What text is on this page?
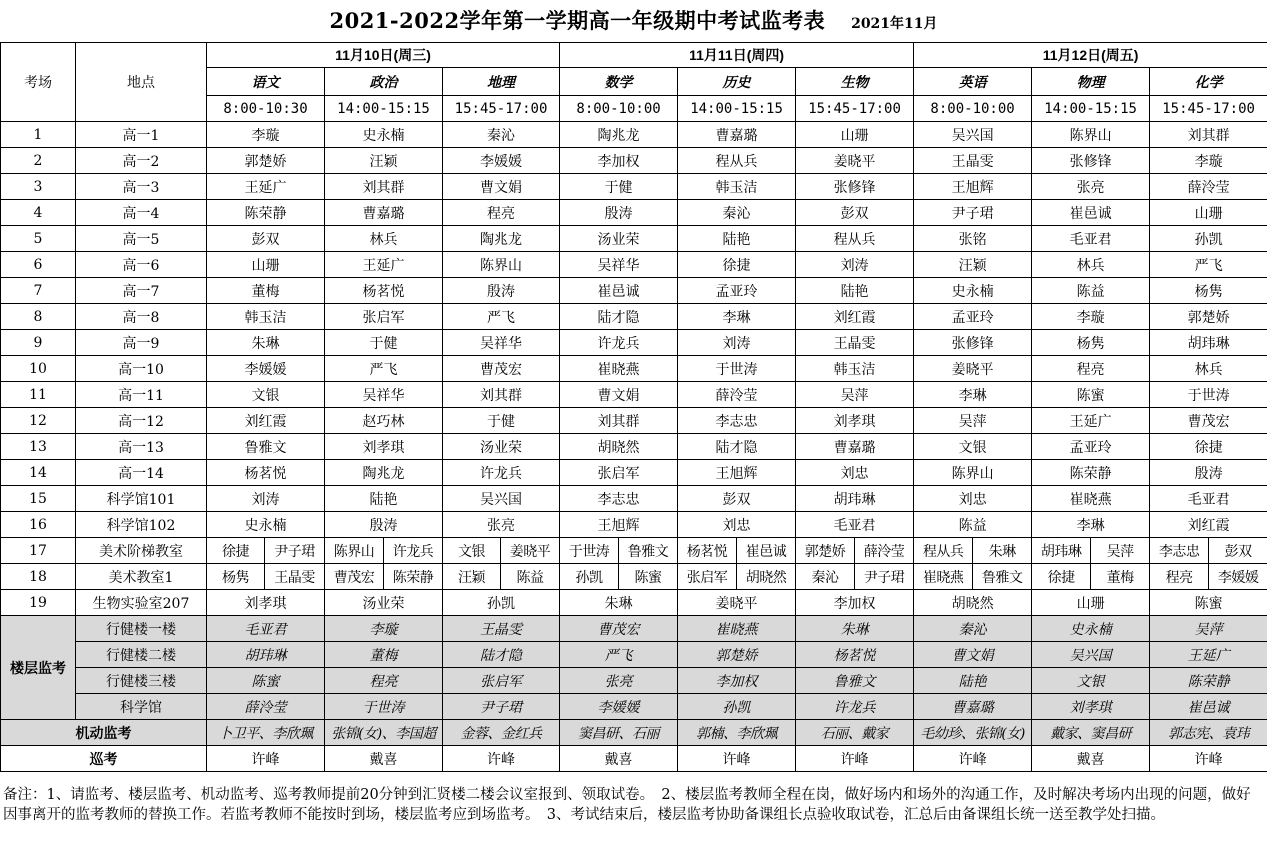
2021-2022学年第一学期高一年级期中考试监考表 2021年11月
考场	地点	11月10日(周三)						11月11日(周四)						11月12日(周五)					
		语文		政治		地理		数学		历史		生物		英语		物理		化学	
		8:00-10:30		14:00-15:15		15:45-17:00		8:00-10:00		14:00-15:15		15:45-17:00		8:00-10:00		14:00-15:15		15:45-17:00	
1	高一1	李璇		史永楠		秦沁		陶兆龙		曹嘉璐		山珊		吴兴国		陈界山		刘其群	
2	高一2	郭楚娇		汪颖		李媛媛		李加权		程从兵		姜晓平		王晶雯		张修锋		李璇	
3	高一3	王延广		刘其群		曹文娟		于健		韩玉洁		张修锋		王旭辉		张亮		薛泠莹	
4	高一4	陈荣静		曹嘉璐		程亮		殷涛		秦沁		彭双		尹子珺		崔邑诚		山珊	
5	高一5	彭双		林兵		陶兆龙		汤业荣		陆艳		程从兵		张铭		毛亚君		孙凯	
6	高一6	山珊		王延广		陈界山		吴祥华		徐捷		刘涛		汪颖		林兵		严飞	
7	高一7	董梅		杨茗悦		殷涛		崔邑诚		孟亚玲		陆艳		史永楠		陈益		杨隽	
8	高一8	韩玉洁		张启军		严飞		陆才隐		李琳		刘红霞		孟亚玲		李璇		郭楚娇	
9	高一9	朱琳		于健		吴祥华		许龙兵		刘涛		王晶雯		张修锋		杨隽		胡玮琳	
10	高一10	李媛媛		严飞		曹茂宏		崔晓燕		于世涛		韩玉洁		姜晓平		程亮		林兵	
11	高一11	文银		吴祥华		刘其群		曹文娟		薛泠莹		吴萍		李琳		陈蜜		于世涛	
12	高一12	刘红霞		赵巧林		于健		刘其群		李志忠		刘孝琪		吴萍		王延广		曹茂宏	
13	高一13	鲁雅文		刘孝琪		汤业荣		胡晓然		陆才隐		曹嘉璐		文银		孟亚玲		徐捷	
14	高一14	杨茗悦		陶兆龙		许龙兵		张启军		王旭辉		刘忠		陈界山		陈荣静		殷涛	
15	科学馆101	刘涛		陆艳		吴兴国		李志忠		彭双		胡玮琳		刘忠		崔晓燕		毛亚君	
16	科学馆102	史永楠		殷涛		张亮		王旭辉		刘忠		毛亚君		陈益		李琳		刘红霞	
17	美术阶梯教室	徐捷	尹子珺	陈界山	许龙兵	文银	姜晓平	于世涛	鲁雅文	杨茗悦	崔邑诚	郭楚娇	薛泠莹	程从兵	朱琳	胡玮琳	吴萍	李志忠	彭双
18	美术教室1	杨隽	王晶雯	曹茂宏	陈荣静	汪颖	陈益	孙凯	陈蜜	张启军	胡晓然	秦沁	尹子珺	崔晓燕	鲁雅文	徐捷	董梅	程亮	李媛媛
19	生物实验室207	刘孝琪		汤业荣		孙凯		朱琳		姜晓平		李加权		胡晓然		山珊		陈蜜	
楼层监考	行健楼一楼	毛亚君		李璇		王晶雯		曹茂宏		崔晓燕		朱琳		秦沁		史永楠		吴萍	
	行健楼二楼	胡玮琳		董梅		陆才隐		严飞		郭楚娇		杨茗悦		曹文娟		吴兴国		王延广	
	行健楼三楼	陈蜜		程亮		张启军		张亮		李加权		鲁雅文		陆艳		文银		陈荣静	
	科学馆	薛泠莹		于世涛		尹子珺		李媛媛		孙凯		许龙兵		曹嘉璐		刘孝琪		崔邑诚	
机动监考		卜卫平、李欣珮		张锦(女)、李国超		金蓉、金红兵		窦昌研、石丽		郭楠、李欣珮		石丽、戴家		毛幼珍、张锦(女)		戴家、窦昌研		郭志宪、袁玮	
巡考		许峰		戴喜		许峰		戴喜		许峰		许峰		许峰		戴喜		许峰	
备注：1、请监考、楼层监考、机动监考、巡考教师提前20分钟到汇贤楼二楼会议室报到、领取试卷。　2、楼层监考教师全程在岗，做好场内和场外的沟通工作，及时解决考场内出现的问题，做好因事离开的监考教师的替换工作。若监考教师不能按时到场，楼层监考应到场监考。　3、考试结束后，楼层监考协助备课组长点验收取试卷，汇总后由备课组长统一送至教学处扫描。
